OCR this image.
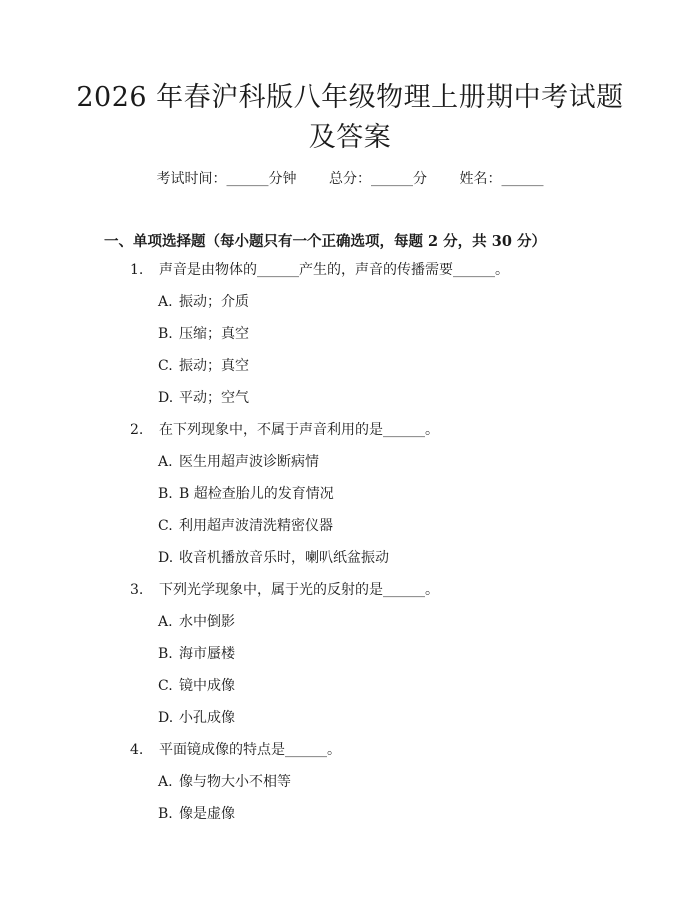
2026 年春沪科版八年级物理上册期中考试题
及答案
考试时间：______分钟 总分：______分 姓名：______
一、单项选择题（每小题只有一个正确选项，每题 2 分，共 30 分）
1. 声音是由物体的______产生的，声音的传播需要______。
A. 振动；介质
B. 压缩；真空
C. 振动；真空
D. 平动；空气
2. 在下列现象中，不属于声音利用的是______。
A. 医生用超声波诊断病情
B. B 超检查胎儿的发育情况
C. 利用超声波清洗精密仪器
D. 收音机播放音乐时，喇叭纸盆振动
3. 下列光学现象中，属于光的反射的是______。
A. 水中倒影
B. 海市蜃楼
C. 镜中成像
D. 小孔成像
4. 平面镜成像的特点是______。
A. 像与物大小不相等
B. 像是虚像
